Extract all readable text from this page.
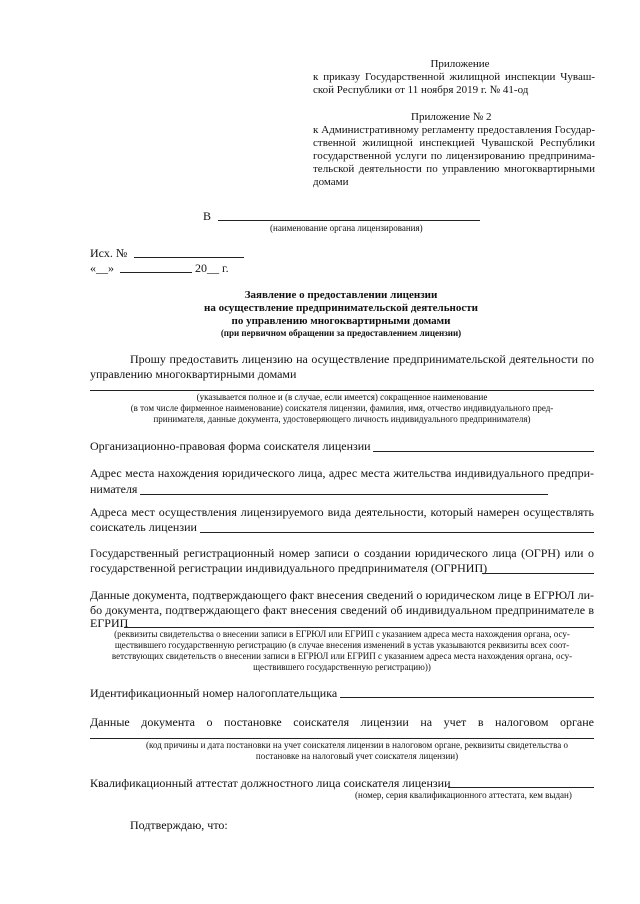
Приложение
к приказу Государственной жилищной инспекции Чуваш-
ской Республики от 11 ноября 2019 г. № 41-од
Приложение № 2
к Административному регламенту предоставления Государ-
ственной жилищной инспекцией Чувашской Республики
государственной услуги по лицензированию предпринима-
тельской деятельности по управлению многоквартирными
домами
В
(наименование органа лицензирования)
Исх. №
«__»	20__ г.
Заявление о предоставлении лицензии
на осуществление предпринимательской деятельности
по управлению многоквартирными домами
(при первичном обращении за предоставлением лицензии)
Прошу предоставить лицензию на осуществление предпринимательской деятельности по
управлению многоквартирными домами
(указывается полное и (в случае, если имеется) сокращенное наименование
(в том числе фирменное наименование) соискателя лицензии, фамилия, имя, отчество индивидуального пред-
принимателя, данные документа, удостоверяющего личность индивидуального предпринимателя)
Организационно-правовая форма соискателя лицензии
Адрес места нахождения юридического лица, адрес места жительства индивидуального предпри-
нимателя
Адреса мест осуществления лицензируемого вида деятельности, который намерен осуществлять
соискатель лицензии
Государственный регистрационный номер записи о создании юридического лица (ОГРН) или о
государственной регистрации индивидуального предпринимателя (ОГРНИП)
Данные документа, подтверждающего факт внесения сведений о юридическом лице в ЕГРЮЛ ли-
бо документа, подтверждающего факт внесения сведений об индивидуальном предпринимателе в
ЕГРИП
(реквизиты свидетельства о внесении записи в ЕГРЮЛ или ЕГРИП с указанием адреса места нахождения органа, осу-
ществившего государственную регистрацию (в случае внесения изменений в устав указываются реквизиты всех соот-
ветствующих свидетельств о внесении записи в ЕГРЮЛ или ЕГРИП с указанием адреса места нахождения органа, осу-
ществившего государственную регистрацию))
Идентификационный номер налогоплательщика
Данные документа о постановке соискателя лицензии на учет в налоговом органе
(код причины и дата постановки на учет соискателя лицензии в налоговом органе, реквизиты свидетельства о
постановке на налоговый учет соискателя лицензии)
Квалификационный аттестат должностного лица соискателя лицензии
(номер, серия квалификационного аттестата, кем выдан)
Подтверждаю, что:
